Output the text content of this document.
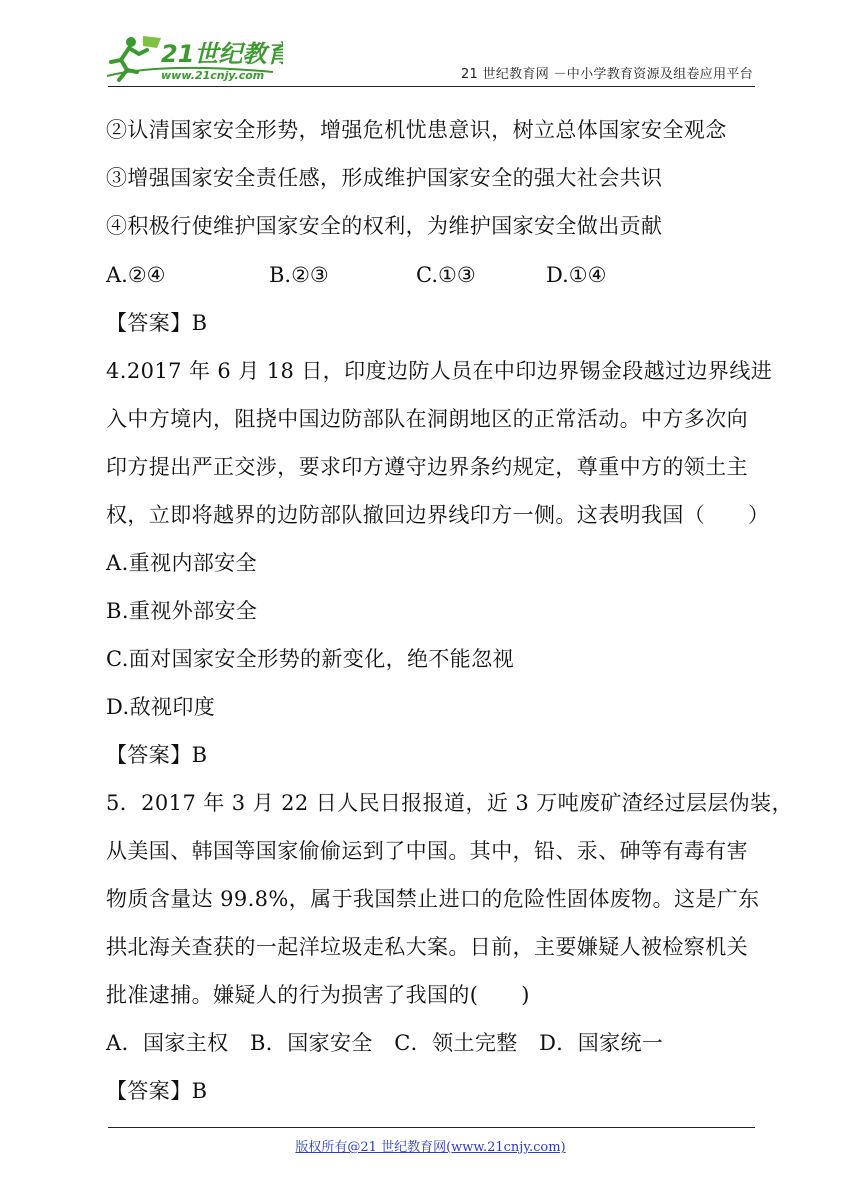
21世纪教育
www.21cnjy.com	21 世纪教育网 －中小学教育资源及组卷应用平台
②认清国家安全形势，增强危机忧患意识，树立总体国家安全观念
③增强国家安全责任感，形成维护国家安全的强大社会共识
④积极行使维护国家安全的权利，为维护国家安全做出贡献
A.②④	B.②③	C.①③	D.①④
【答案】B
4.2017 年 6 月 18 日，印度边防人员在中印边界锡金段越过边界线进
入中方境内，阻挠中国边防部队在洞朗地区的正常活动。中方多次向
印方提出严正交涉，要求印方遵守边界条约规定，尊重中方的领土主
权，立即将越界的边防部队撤回边界线印方一侧。这表明我国（　　）
A.重视内部安全
B.重视外部安全
C.面对国家安全形势的新变化，绝不能忽视
D.敌视印度
【答案】B
5．2017 年 3 月 22 日人民日报报道，近 3 万吨废矿渣经过层层伪装，
从美国、韩国等国家偷偷运到了中国。其中，铅、汞、砷等有毒有害
物质含量达 99.8%，属于我国禁止进口的危险性固体废物。这是广东
拱北海关查获的一起洋垃圾走私大案。日前，主要嫌疑人被检察机关
批准逮捕。嫌疑人的行为损害了我国的(　　)
A．国家主权　B．国家安全　C．领土完整　D．国家统一
【答案】B
版权所有@21 世纪教育网(www.21cnjy.com)
